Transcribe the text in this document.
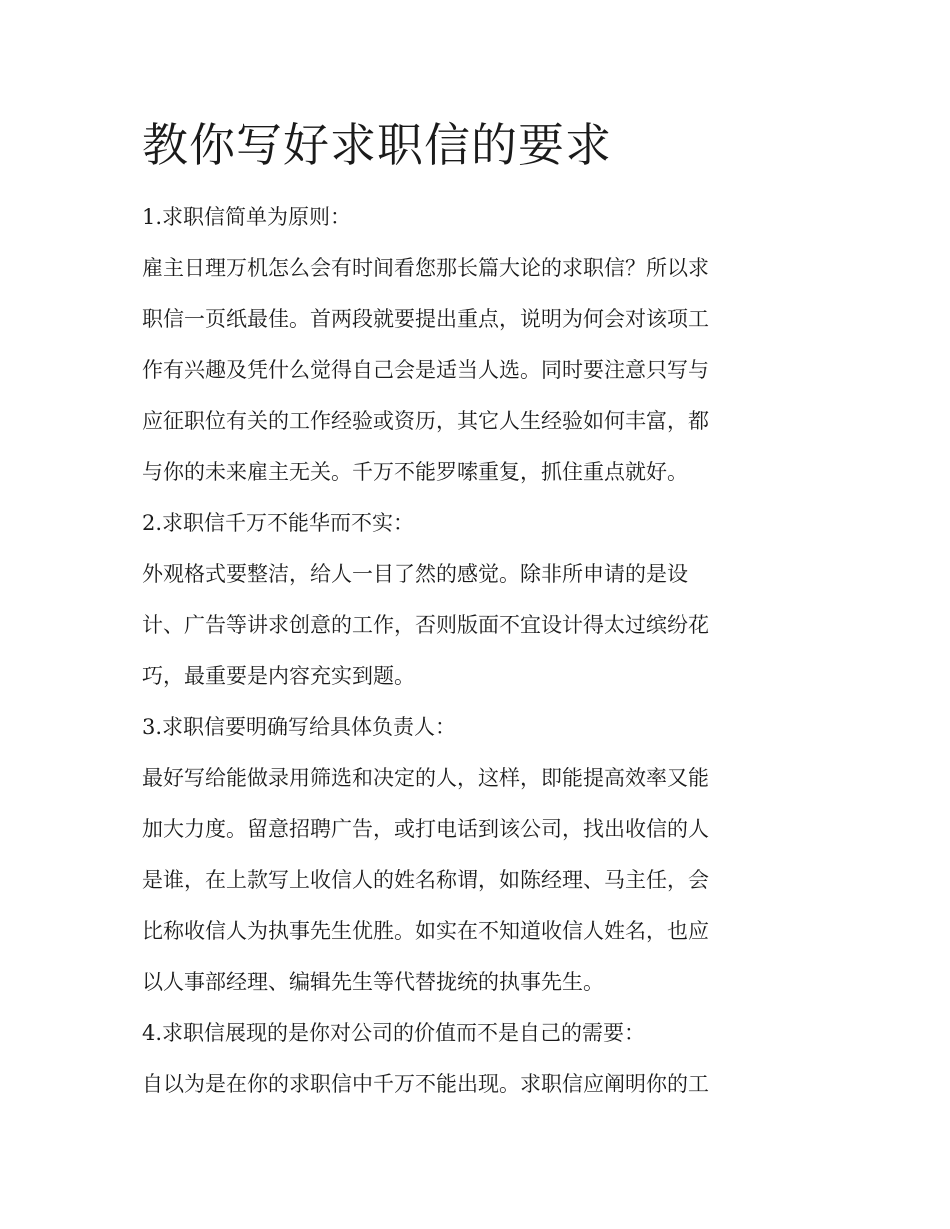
教你写好求职信的要求

1.求职信简单为原则：

雇主日理万机怎么会有时间看您那长篇大论的求职信？所以求
职信一页纸最佳。首两段就要提出重点，说明为何会对该项工
作有兴趣及凭什么觉得自己会是适当人选。同时要注意只写与
应征职位有关的工作经验或资历，其它人生经验如何丰富，都
与你的未来雇主无关。千万不能罗嗦重复，抓住重点就好。

2.求职信千万不能华而不实：

外观格式要整洁，给人一目了然的感觉。除非所申请的是设
计、广告等讲求创意的工作，否则版面不宜设计得太过缤纷花
巧，最重要是内容充实到题。

3.求职信要明确写给具体负责人：

最好写给能做录用筛选和决定的人，这样，即能提高效率又能
加大力度。留意招聘广告，或打电话到该公司，找出收信的人
是谁，在上款写上收信人的姓名称谓，如陈经理、马主任，会
比称收信人为执事先生优胜。如实在不知道收信人姓名，也应
以人事部经理、编辑先生等代替拢统的执事先生。

4.求职信展现的是你对公司的价值而不是自己的需要：

自以为是在你的求职信中千万不能出现。求职信应阐明你的工
